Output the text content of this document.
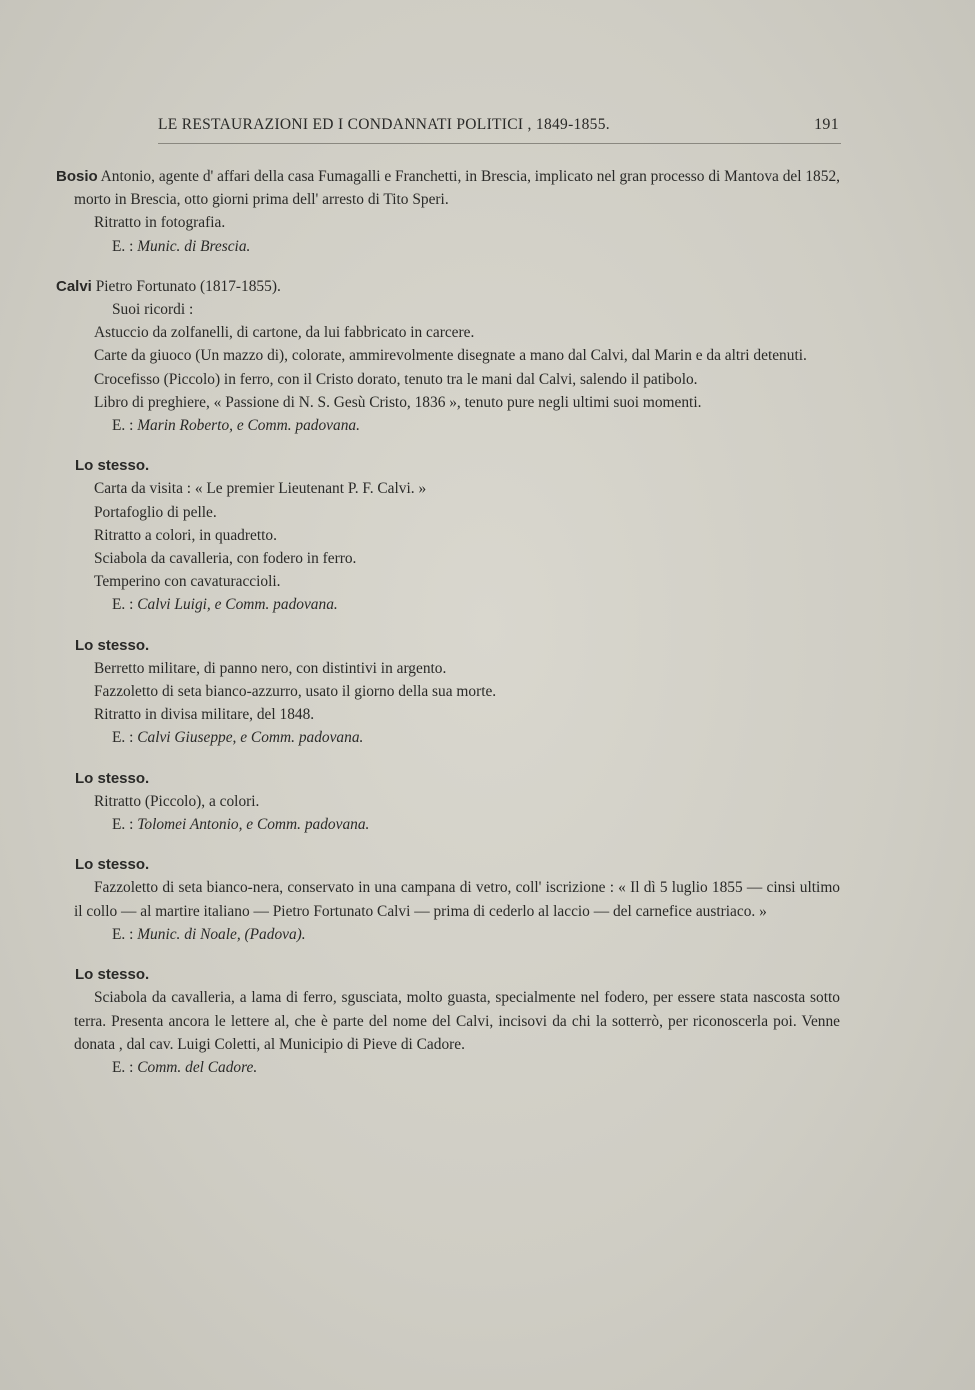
LE RESTAURAZIONI ED I CONDANNATI POLITICI , 1849-1855.	191

Bosio Antonio, agente d' affari della casa Fumagalli e Franchetti, in Brescia, implicato nel gran processo di Mantova del 1852, morto in Brescia, otto giorni prima dell' arresto di Tito Speri.

Ritratto in fotografia.

E. : Munic. di Brescia.

Calvi Pietro Fortunato (1817-1855).

Suoi ricordi :

Astuccio da zolfanelli, di cartone, da lui fabbricato in carcere.

Carte da giuoco (Un mazzo di), colorate, ammirevolmente disegnate a mano dal Calvi, dal Marin e da altri detenuti.

Crocefisso (Piccolo) in ferro, con il Cristo dorato, tenuto tra le mani dal Calvi, salendo il patibolo.

Libro di preghiere, « Passione di N. S. Gesù Cristo, 1836 », tenuto pure negli ultimi suoi momenti.

E. : Marin Roberto, e Comm. padovana.

Lo stesso.

Carta da visita : « Le premier Lieutenant P. F. Calvi. »

Portafoglio di pelle.

Ritratto a colori, in quadretto.

Sciabola da cavalleria, con fodero in ferro.

Temperino con cavaturaccioli.

E. : Calvi Luigi, e Comm. padovana.

Lo stesso.

Berretto militare, di panno nero, con distintivi in argento.

Fazzoletto di seta bianco-azzurro, usato il giorno della sua morte.

Ritratto in divisa militare, del 1848.

E. : Calvi Giuseppe, e Comm. padovana.

Lo stesso.

Ritratto (Piccolo), a colori.

E. : Tolomei Antonio, e Comm. padovana.

Lo stesso.

Fazzoletto di seta bianco-nera, conservato in una campana di vetro, coll' iscrizione : « Il dì 5 luglio 1855 — cinsi ultimo il collo — al martire italiano — Pietro Fortunato Calvi — prima di cederlo al laccio — del carnefice austriaco. »

E. : Munic. di Noale, (Padova).

Lo stesso.

Sciabola da cavalleria, a lama di ferro, sgusciata, molto guasta, specialmente nel fodero, per essere stata nascosta sotto terra. Presenta ancora le lettere al, che è parte del nome del Calvi, incisovi da chi la sotterrò, per riconoscerla poi. Venne donata , dal cav. Luigi Coletti, al Municipio di Pieve di Cadore.

E. : Comm. del Cadore.
